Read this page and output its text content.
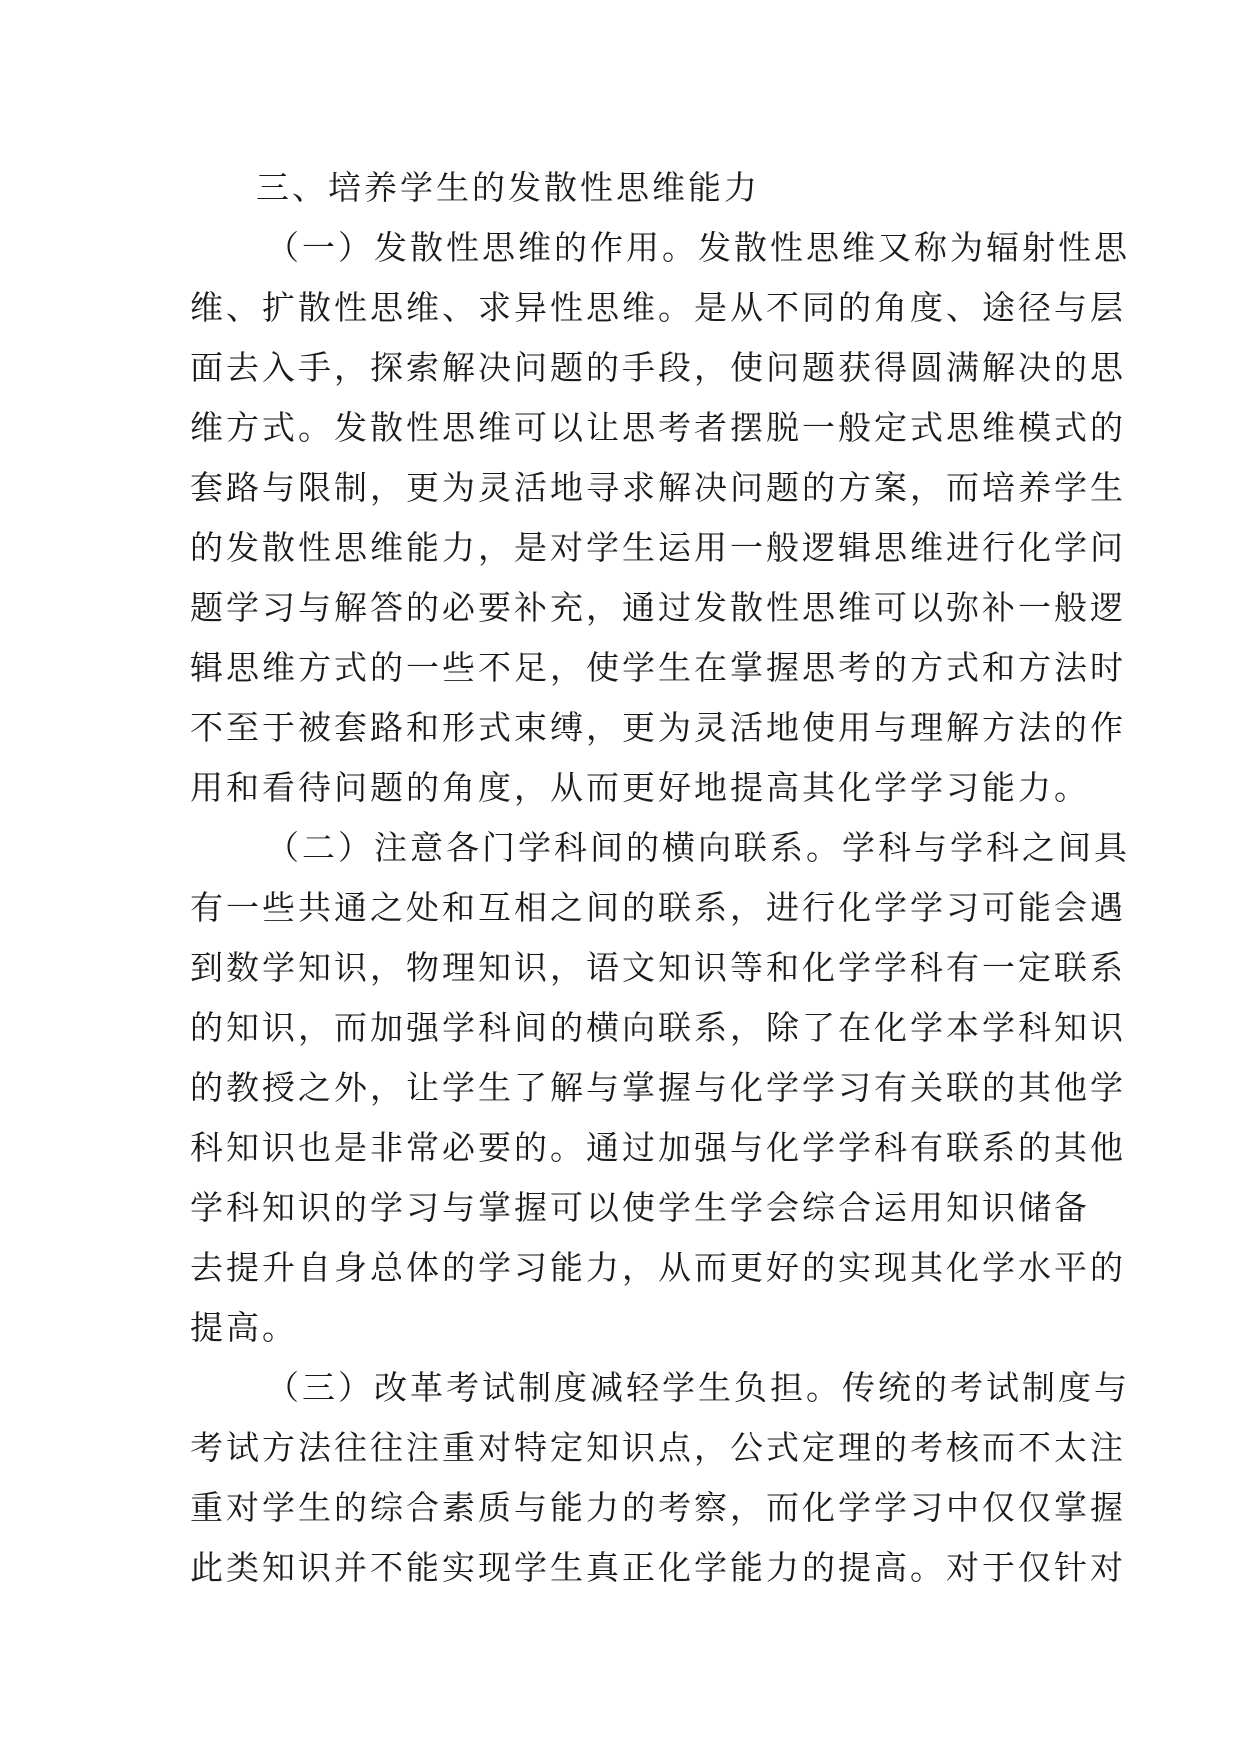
三、培养学生的发散性思维能力
（一）发散性思维的作用。发散性思维又称为辐射性思
维、扩散性思维、求异性思维。是从不同的角度、途径与层
面去入手，探索解决问题的手段，使问题获得圆满解决的思
维方式。发散性思维可以让思考者摆脱一般定式思维模式的
套路与限制，更为灵活地寻求解决问题的方案，而培养学生
的发散性思维能力，是对学生运用一般逻辑思维进行化学问
题学习与解答的必要补充，通过发散性思维可以弥补一般逻
辑思维方式的一些不足，使学生在掌握思考的方式和方法时
不至于被套路和形式束缚，更为灵活地使用与理解方法的作
用和看待问题的角度，从而更好地提高其化学学习能力。
（二）注意各门学科间的横向联系。学科与学科之间具
有一些共通之处和互相之间的联系，进行化学学习可能会遇
到数学知识，物理知识，语文知识等和化学学科有一定联系
的知识，而加强学科间的横向联系，除了在化学本学科知识
的教授之外，让学生了解与掌握与化学学习有关联的其他学
科知识也是非常必要的。通过加强与化学学科有联系的其他
学科知识的学习与掌握可以使学生学会综合运用知识储备
去提升自身总体的学习能力，从而更好的实现其化学水平的
提高。
（三）改革考试制度减轻学生负担。传统的考试制度与
考试方法往往注重对特定知识点，公式定理的考核而不太注
重对学生的综合素质与能力的考察，而化学学习中仅仅掌握
此类知识并不能实现学生真正化学能力的提高。对于仅针对
